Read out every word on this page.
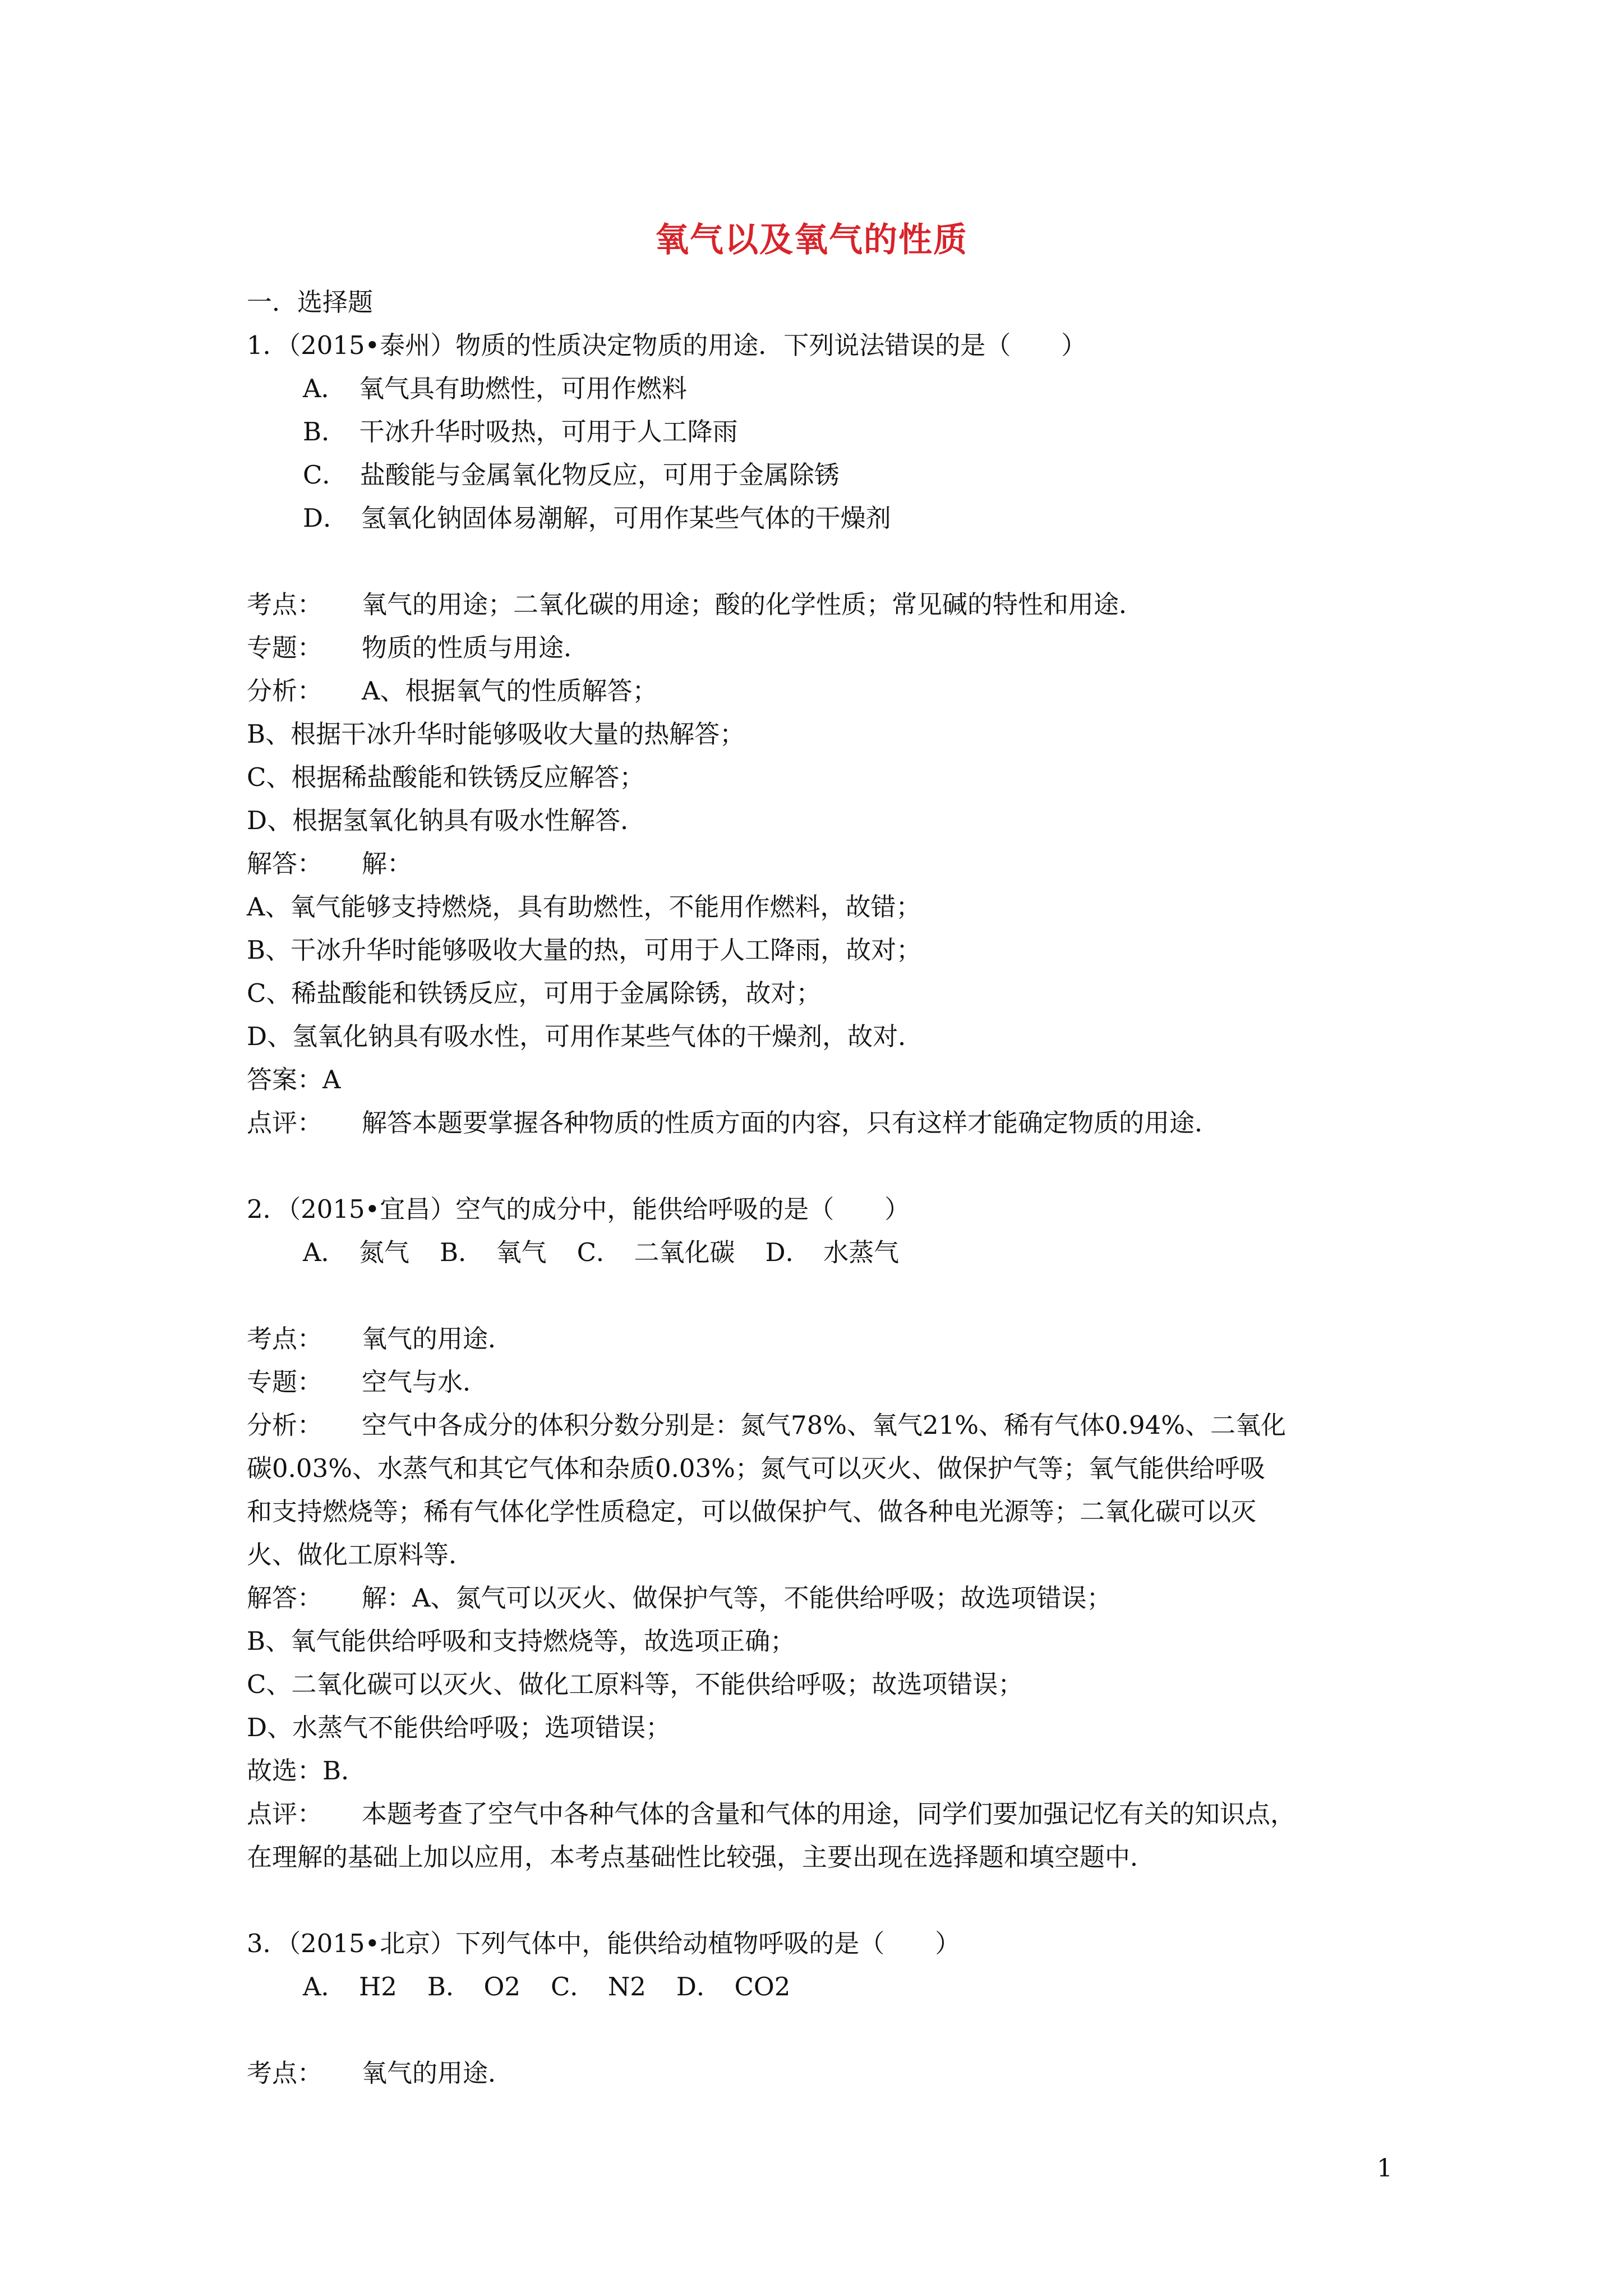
氧气以及氧气的性质
一．选择题
1．（2015•泰州）物质的性质决定物质的用途．下列说法错误的是（　　）
A．　氧气具有助燃性，可用作燃料
B．　干冰升华时吸热，可用于人工降雨
C．　盐酸能与金属氧化物反应，可用于金属除锈
D．　氢氧化钠固体易潮解，可用作某些气体的干燥剂
考点： 氧气的用途；二氧化碳的用途；酸的化学性质；常见碱的特性和用途．
专题： 物质的性质与用途．
分析： A、根据氧气的性质解答；
B、根据干冰升华时能够吸收大量的热解答；
C、根据稀盐酸能和铁锈反应解答；
D、根据氢氧化钠具有吸水性解答．
解答： 解：
A、氧气能够支持燃烧，具有助燃性，不能用作燃料，故错；
B、干冰升华时能够吸收大量的热，可用于人工降雨，故对；
C、稀盐酸能和铁锈反应，可用于金属除锈，故对；
D、氢氧化钠具有吸水性，可用作某些气体的干燥剂，故对．
答案：A
点评： 解答本题要掌握各种物质的性质方面的内容，只有这样才能确定物质的用途．
2．（2015•宜昌）空气的成分中，能供给呼吸的是（　　）
A．　氮气 B．　氧气 C．　二氧化碳 D．　水蒸气
考点： 氧气的用途．
专题： 空气与水．
分析： 空气中各成分的体积分数分别是：氮气78%、氧气21%、稀有气体0.94%、二氧化
碳0.03%、水蒸气和其它气体和杂质0.03%；氮气可以灭火、做保护气等；氧气能供给呼吸
和支持燃烧等；稀有气体化学性质稳定，可以做保护气、做各种电光源等；二氧化碳可以灭
火、做化工原料等．
解答： 解：A、氮气可以灭火、做保护气等，不能供给呼吸；故选项错误；
B、氧气能供给呼吸和支持燃烧等，故选项正确；
C、二氧化碳可以灭火、做化工原料等，不能供给呼吸；故选项错误；
D、水蒸气不能供给呼吸；选项错误；
故选：B．
点评： 本题考查了空气中各种气体的含量和气体的用途，同学们要加强记忆有关的知识点，
在理解的基础上加以应用，本考点基础性比较强，主要出现在选择题和填空题中．
3．（2015•北京）下列气体中，能供给动植物呼吸的是（　　）
A．　H2 B．　O2 C．　N2 D．　CO2
考点： 氧气的用途．
1
